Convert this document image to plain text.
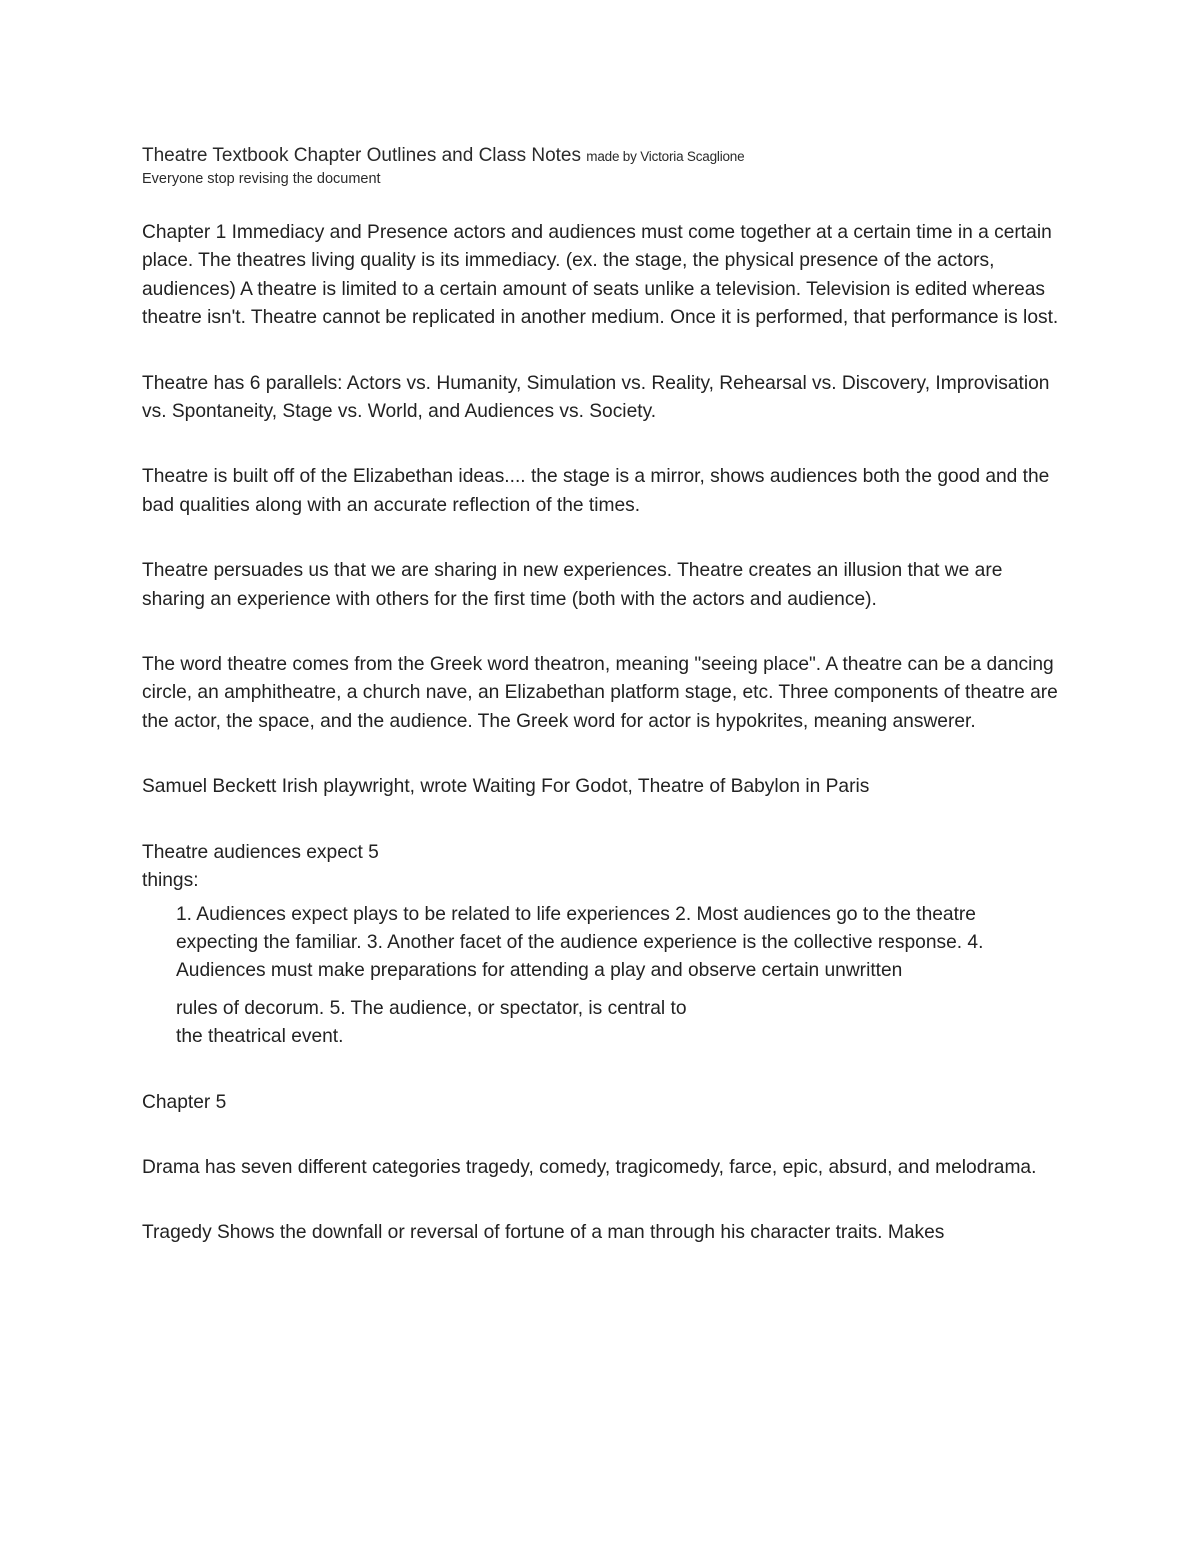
Theatre Textbook Chapter Outlines and Class Notes made by Victoria Scaglione
Everyone stop revising the document

Chapter 1 Immediacy and Presence actors and audiences must come together at a certain time in a certain place. The theatres living quality is its immediacy. (ex. the stage, the physical presence of the actors, audiences) A theatre is limited to a certain amount of seats unlike a television. Television is edited whereas theatre isn't. Theatre cannot be replicated in another medium. Once it is performed, that performance is lost.

Theatre has 6 parallels: Actors vs. Humanity, Simulation vs. Reality, Rehearsal vs. Discovery, Improvisation vs. Spontaneity, Stage vs. World, and Audiences vs. Society.

Theatre is built off of the Elizabethan ideas.... the stage is a mirror, shows audiences both the good and the bad qualities along with an accurate reflection of the times.

Theatre persuades us that we are sharing in new experiences. Theatre creates an illusion that we are sharing an experience with others for the first time (both with the actors and audience).

The word theatre comes from the Greek word theatron, meaning "seeing place". A theatre can be a dancing circle, an amphitheatre, a church nave, an Elizabethan platform stage, etc. Three components of theatre are the actor, the space, and the audience. The Greek word for actor is hypokrites, meaning answerer.

Samuel Beckett Irish playwright, wrote Waiting For Godot, Theatre of Babylon in Paris

Theatre audiences expect 5
things:

1. Audiences expect plays to be related to life experiences 2. Most audiences go to the theatre expecting the familiar. 3. Another facet of the audience experience is the collective response. 4. Audiences must make preparations for attending a play and observe certain unwritten
rules of decorum. 5. The audience, or spectator, is central to
the theatrical event.

Chapter 5

Drama has seven different categories tragedy, comedy, tragicomedy, farce, epic, absurd, and melodrama.

Tragedy Shows the downfall or reversal of fortune of a man through his character traits. Makes
